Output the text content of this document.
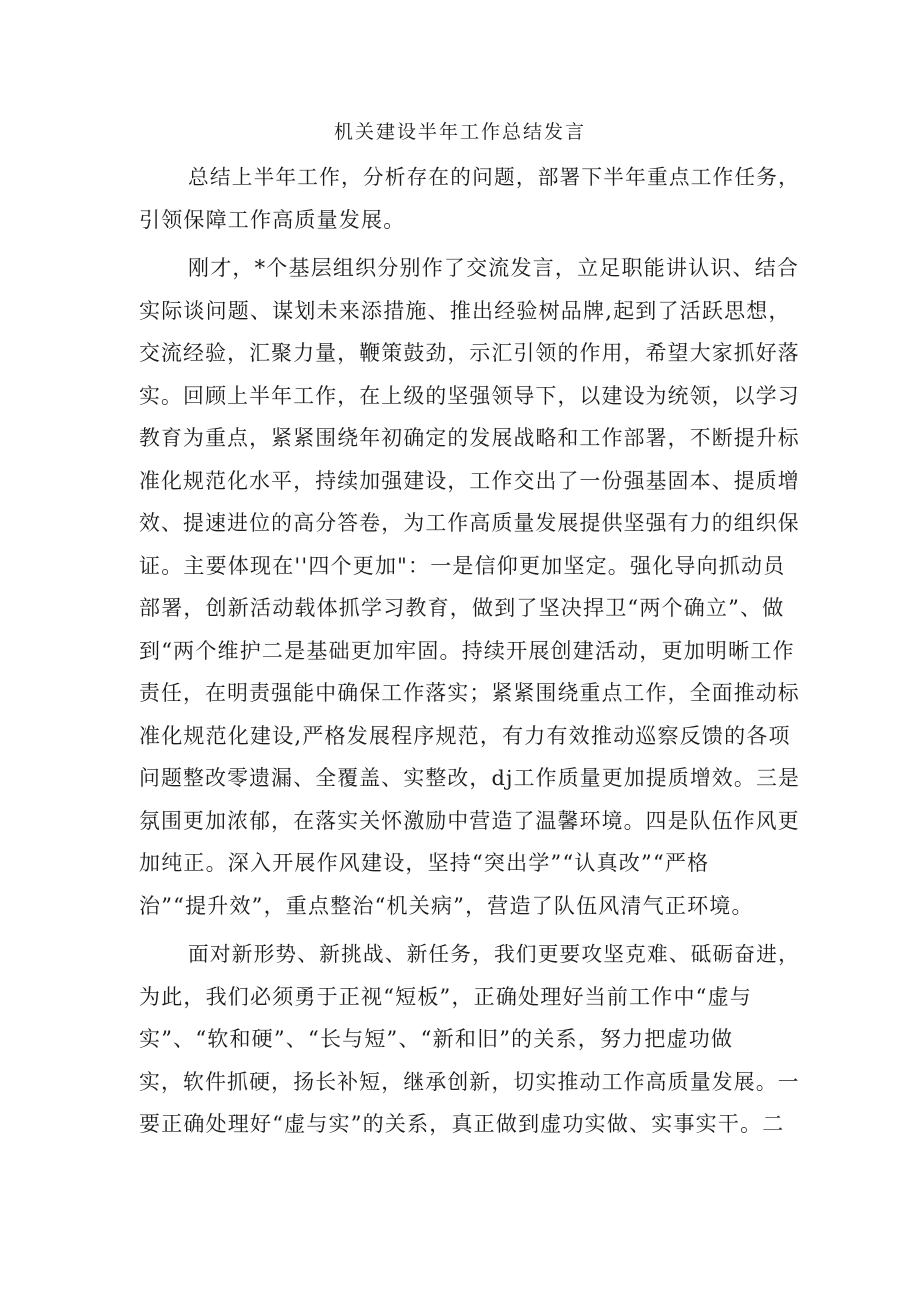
机关建设半年工作总结发言
总结上半年工作，分析存在的问题，部署下半年重点工作任务，
引领保障工作高质量发展。
刚才，*个基层组织分别作了交流发言，立足职能讲认识、结合
实际谈问题、谋划未来添措施、推出经验树品牌,起到了活跃思想，
交流经验，汇聚力量，鞭策鼓劲，示汇引领的作用，希望大家抓好落
实。回顾上半年工作，在上级的坚强领导下，以建设为统领，以学习
教育为重点，紧紧围绕年初确定的发展战略和工作部署，不断提升标
准化规范化水平，持续加强建设，工作交出了一份强基固本、提质增
效、提速进位的高分答卷，为工作高质量发展提供坚强有力的组织保
证。主要体现在''四个更加"：一是信仰更加坚定。强化导向抓动员
部署，创新活动载体抓学习教育，做到了坚决捍卫“两个确立”、做
到“两个维护二是基础更加牢固。持续开展创建活动，更加明晰工作
责任，在明责强能中确保工作落实；紧紧围绕重点工作，全面推动标
准化规范化建设,严格发展程序规范，有力有效推动巡察反馈的各项
问题整改零遗漏、全覆盖、实整改，dj工作质量更加提质增效。三是
氛围更加浓郁，在落实关怀激励中营造了温馨环境。四是队伍作风更
加纯正。深入开展作风建设，坚持“突出学”“认真改”“严格
治”“提升效”，重点整治“机关病”，营造了队伍风清气正环境。
面对新形势、新挑战、新任务，我们更要攻坚克难、砥砺奋进，
为此，我们必须勇于正视“短板”，正确处理好当前工作中“虚与
实”、“软和硬”、“长与短”、“新和旧”的关系，努力把虚功做
实，软件抓硬，扬长补短，继承创新，切实推动工作高质量发展。一
要正确处理好“虚与实”的关系，真正做到虚功实做、实事实干。二
